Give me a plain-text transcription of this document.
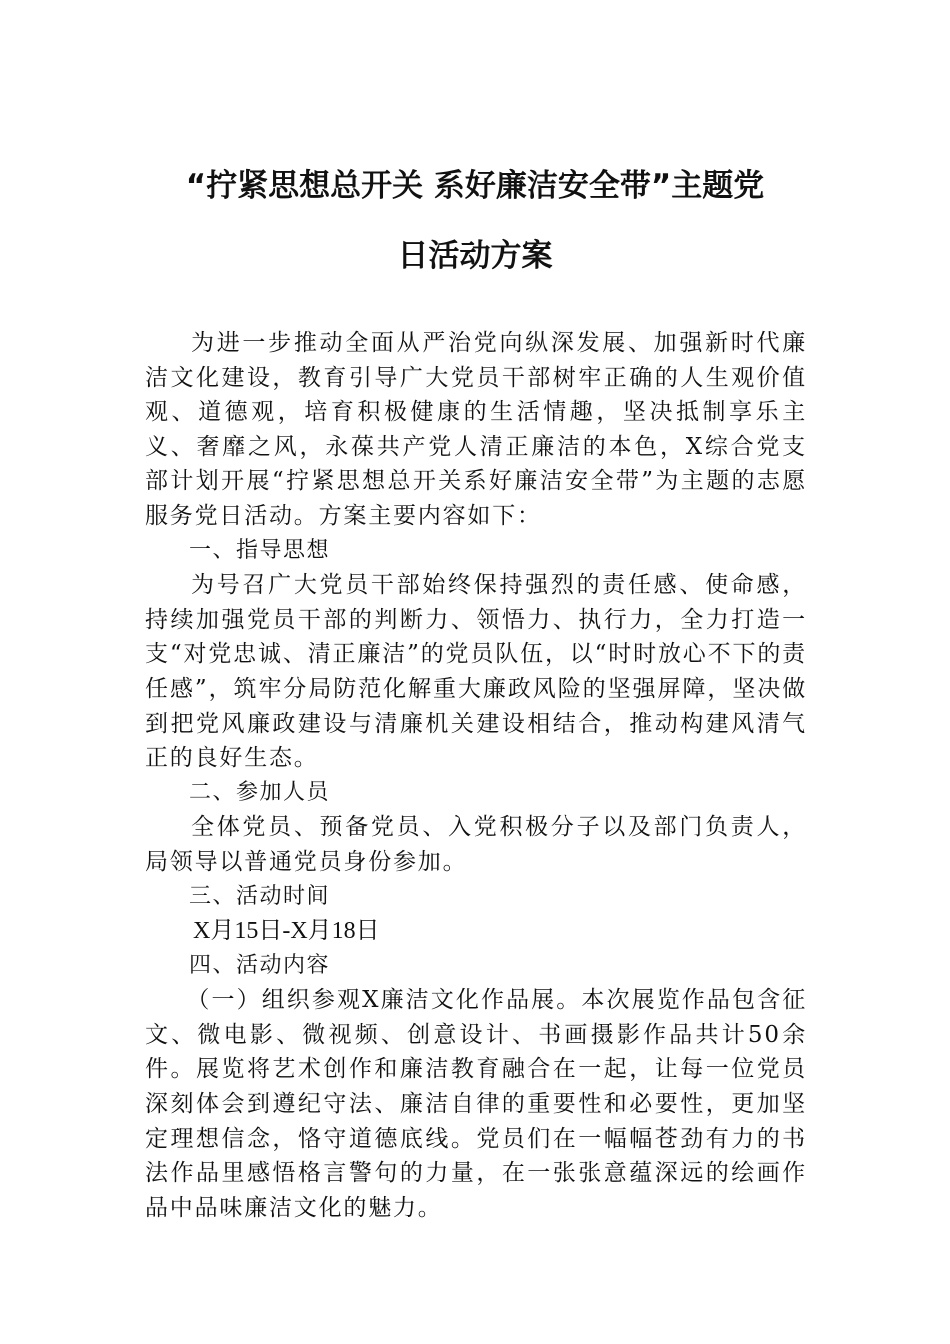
“拧紧思想总开关 系好廉洁安全带”主题党
日活动方案

为进一步推动全面从严治党向纵深发展、加强新时代廉洁文化建设，教育引导广大党员干部树牢正确的人生观价值观、道德观，培育积极健康的生活情趣，坚决抵制享乐主义、奢靡之风，永葆共产党人清正廉洁的本色，X综合党支部计划开展“拧紧思想总开关系好廉洁安全带”为主题的志愿服务党日活动。方案主要内容如下：

一、指导思想

为号召广大党员干部始终保持强烈的责任感、使命感，持续加强党员干部的判断力、领悟力、执行力，全力打造一支“对党忠诚、清正廉洁”的党员队伍，以“时时放心不下的责任感”，筑牢分局防范化解重大廉政风险的坚强屏障，坚决做到把党风廉政建设与清廉机关建设相结合，推动构建风清气正的良好生态。

二、参加人员

全体党员、预备党员、入党积极分子以及部门负责人，局领导以普通党员身份参加。

三、活动时间

X月15日-X月18日

四、活动内容

（一）组织参观X廉洁文化作品展。本次展览作品包含征文、微电影、微视频、创意设计、书画摄影作品共计50余件。展览将艺术创作和廉洁教育融合在一起，让每一位党员深刻体会到遵纪守法、廉洁自律的重要性和必要性，更加坚定理想信念，恪守道德底线。党员们在一幅幅苍劲有力的书法作品里感悟格言警句的力量，在一张张意蕴深远的绘画作品中品味廉洁文化的魅力。
